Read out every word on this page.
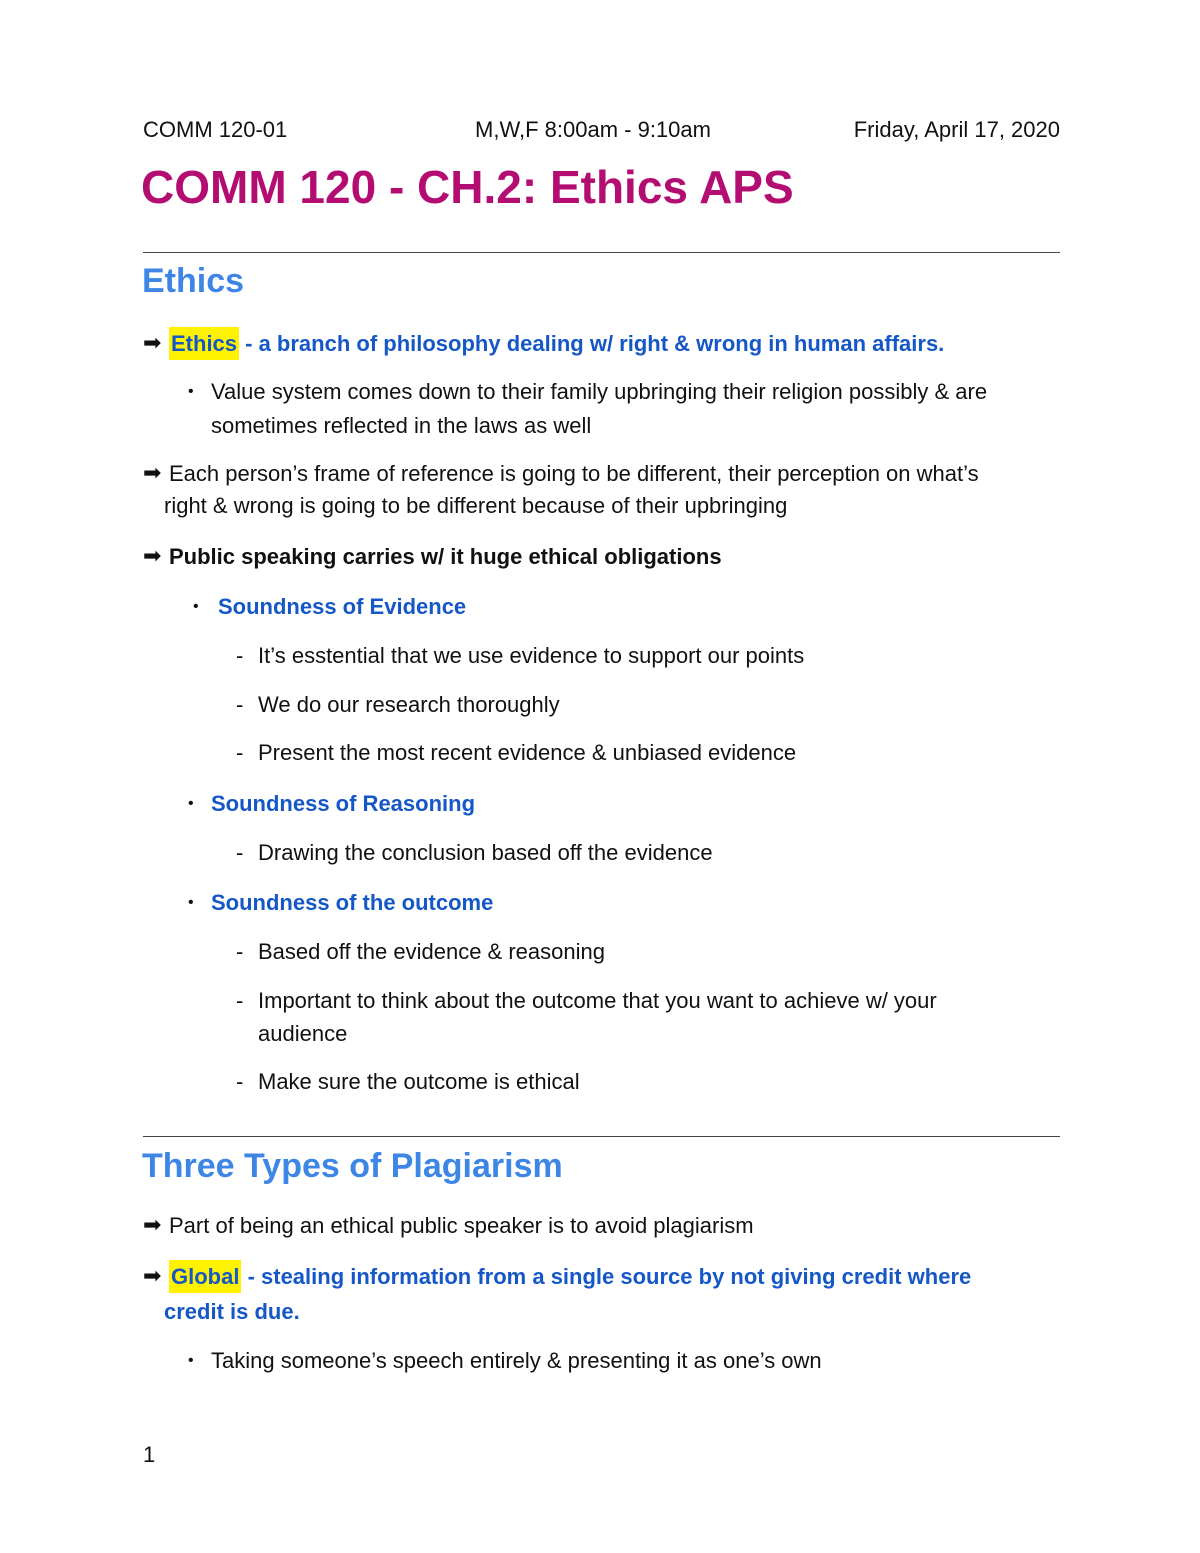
COMM 120-01	M,W,F 8:00am - 9:10am	Friday, April 17, 2020
COMM 120 - CH.2: Ethics APS
Ethics
➡ Ethics - a branch of philosophy dealing w/ right & wrong in human affairs.
• Value system comes down to their family upbringing their religion possibly & are
sometimes reflected in the laws as well
➡ Each person’s frame of reference is going to be different, their perception on what’s
right & wrong is going to be different because of their upbringing
➡ Public speaking carries w/ it huge ethical obligations
• Soundness of Evidence
- It’s esstential that we use evidence to support our points
- We do our research thoroughly
- Present the most recent evidence & unbiased evidence
• Soundness of Reasoning
- Drawing the conclusion based off the evidence
• Soundness of the outcome
- Based off the evidence & reasoning
- Important to think about the outcome that you want to achieve w/ your
audience
- Make sure the outcome is ethical
Three Types of Plagiarism
➡ Part of being an ethical public speaker is to avoid plagiarism
➡ Global - stealing information from a single source by not giving credit where
credit is due.
• Taking someone’s speech entirely & presenting it as one’s own
1
